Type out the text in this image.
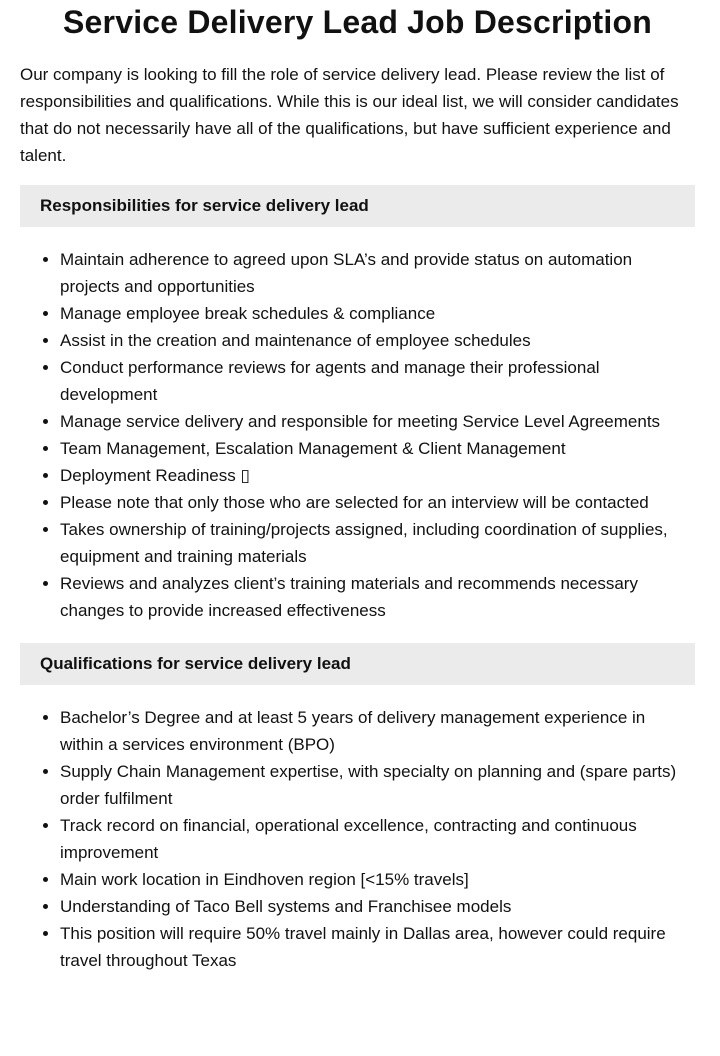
Service Delivery Lead Job Description

Our company is looking to fill the role of service delivery lead. Please review the list of responsibilities and qualifications. While this is our ideal list, we will consider candidates that do not necessarily have all of the qualifications, but have sufficient experience and talent.

Responsibilities for service delivery lead
Maintain adherence to agreed upon SLA’s and provide status on automation projects and opportunities
Manage employee break schedules & compliance
Assist in the creation and maintenance of employee schedules
Conduct performance reviews for agents and manage their professional development
Manage service delivery and responsible for meeting Service Level Agreements
Team Management, Escalation Management & Client Management
Deployment Readiness ▯
Please note that only those who are selected for an interview will be contacted
Takes ownership of training/projects assigned, including coordination of supplies, equipment and training materials
Reviews and analyzes client’s training materials and recommends necessary changes to provide increased effectiveness
Qualifications for service delivery lead
Bachelor’s Degree and at least 5 years of delivery management experience in within a services environment (BPO)
Supply Chain Management expertise, with specialty on planning and (spare parts) order fulfilment
Track record on financial, operational excellence, contracting and continuous improvement
Main work location in Eindhoven region [<15% travels]
Understanding of Taco Bell systems and Franchisee models
This position will require 50% travel mainly in Dallas area, however could require travel throughout Texas
